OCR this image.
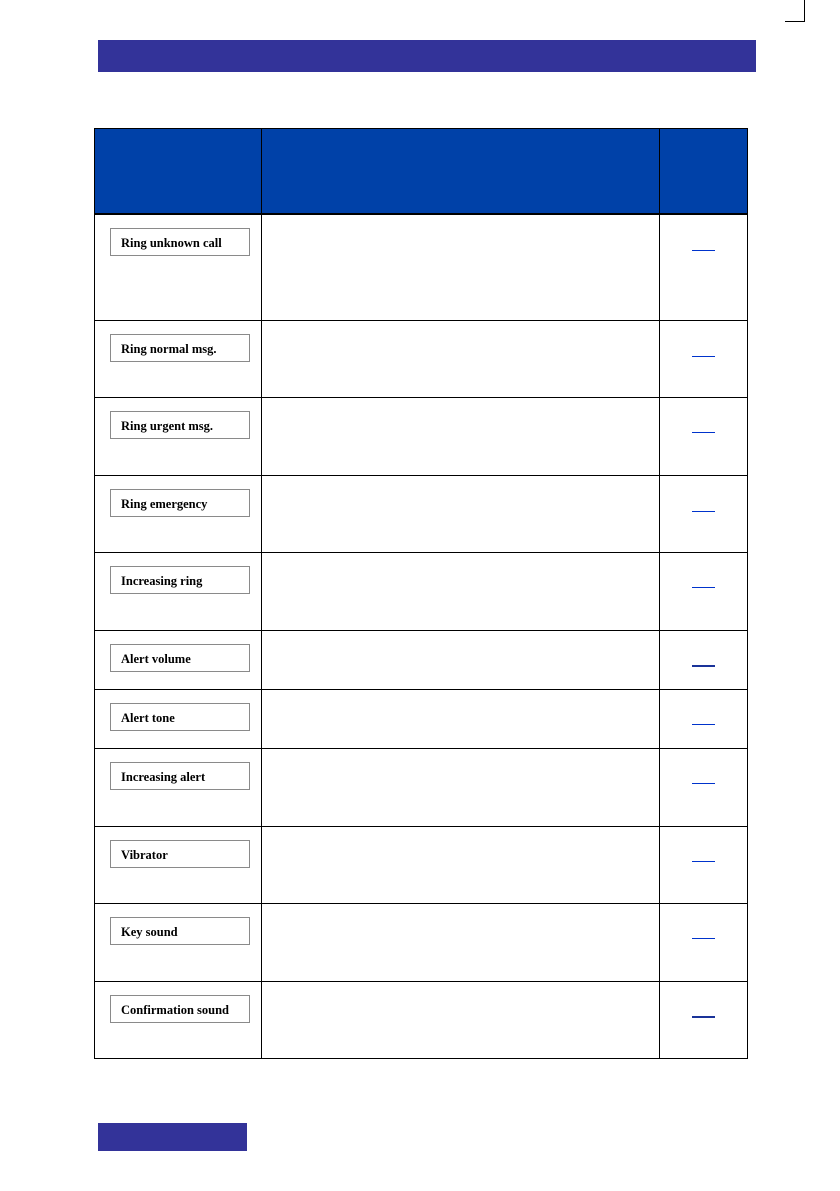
Ring unknown call		

Ring normal msg.		

Ring urgent msg.		

Ring emergency		

Increasing ring		

Alert volume		

Alert tone		

Increasing alert		

Vibrator		

Key sound		

Confirmation sound		
